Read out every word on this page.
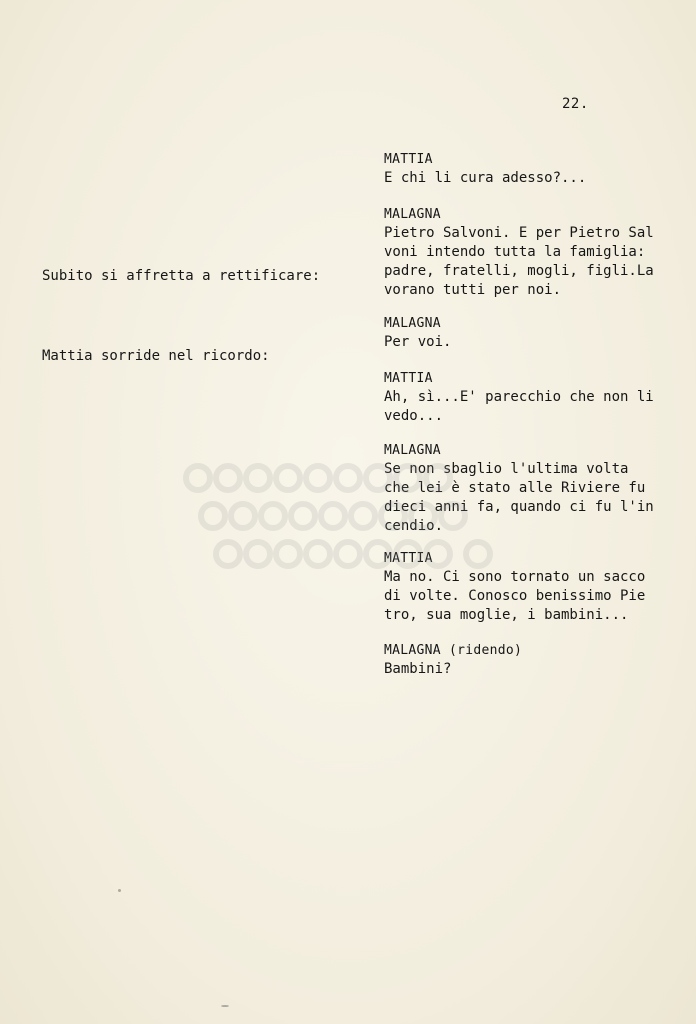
22.
Subito si affretta a rettificare:
Mattia sorride nel ricordo:
MATTIA
E chi li cura adesso?...
MALAGNA
Pietro Salvoni. E per Pietro Sal
voni intendo tutta la famiglia:
padre, fratelli, mogli, figli.La
vorano tutti per noi.
MALAGNA
Per voi.
MATTIA
Ah, sì...E' parecchio che non li
vedo...
MALAGNA
Se non sbaglio l'ultima volta
che lei è stato alle Riviere fu
dieci anni fa, quando ci fu l'in
cendio.
MATTIA
Ma no. Ci sono tornato un sacco
di volte. Conosco benissimo Pie
tro, sua moglie, i bambini...
MALAGNA (ridendo)
Bambini?
